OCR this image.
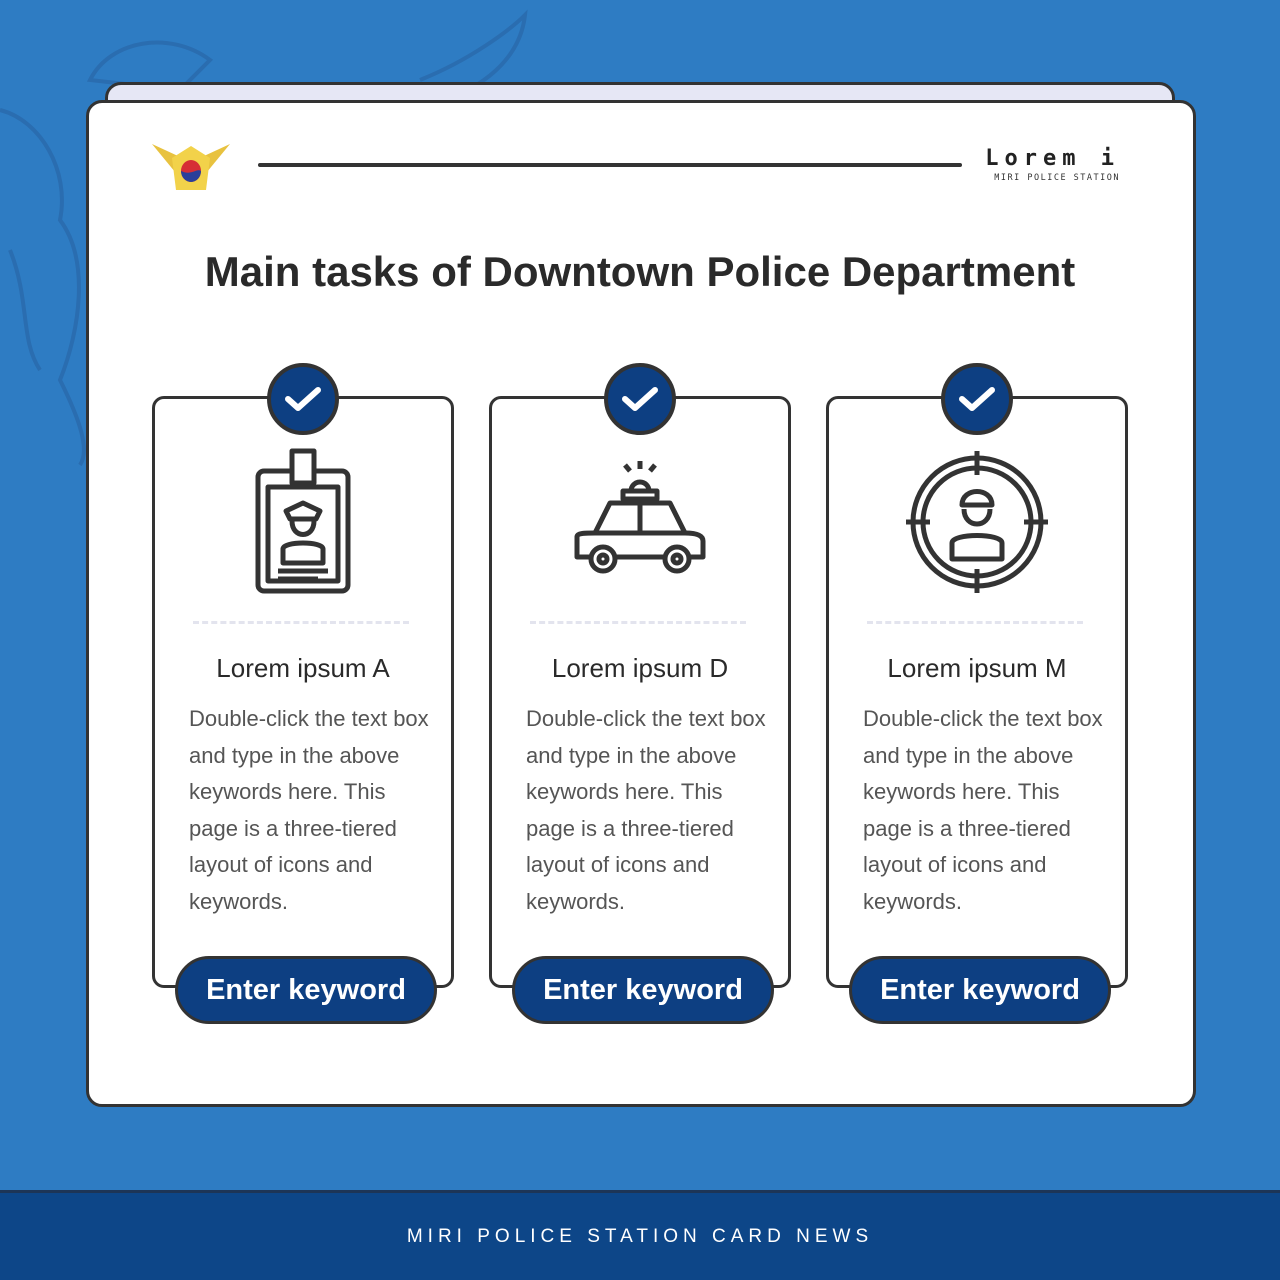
Lorem i
MIRI POLICE STATION
Main tasks of Downtown Police Department
Lorem ipsum A
Double-click the text box and type in the above keywords here. This page is a three-tiered layout of icons and keywords.
Enter keyword
Lorem ipsum D
Double-click the text box and type in the above keywords here. This page is a three-tiered layout of icons and keywords.
Enter keyword
Lorem ipsum M
Double-click the text box and type in the above keywords here. This page is a three-tiered layout of icons and keywords.
Enter keyword
MIRI POLICE STATION CARD NEWS
